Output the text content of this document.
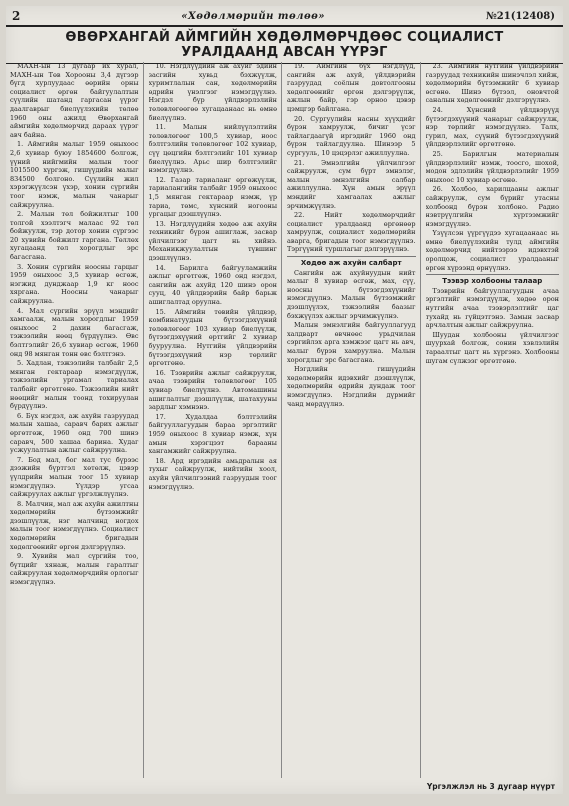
2	«Хөдөлмөрийн төлөө»	№21(12408)
ӨВӨРХАНГАЙ АЙМГИЙН ХӨДӨЛМӨРЧДӨӨС СОЦИАЛИСТ
УРАЛДААНД АВСАН ҮҮРЭГ

МАХН-ын 13 дугаар их хурал, МАХН-ын Төв Хорооны 3,4 дүгээр бүгд хурлуудаас өөрийн орны социалист өргөн байгуулалтын сүүлийн шатанд гаргасан үүрэг даалгаврыг биелүүлэхийн төлөө 1960 оны ажилд Өвөрхангай аймгийн хөдөлмөрчид дараах үүрэг авч байна.

1. Аймгийн малыг 1959 оныхоос 2,6 хувиар буюу 1854600 болгож, үүний нийгмийн малын тоог 1015500 хүргэж, гишүүдийн малыг 834500 болгоно. Сүүлийн жил хэрэгжүүлсэн үхэр, хонин сүргийн тоог нэмж, малын чанарыг сайжруулна.

2. Малын төл бойжилтыг 100 толгой хээлтэгч малаас 92 төл бойжуулж, тэр дотор хонин сүргээс 20 хувийн бойжилт гаргана. Төллөх хугацаанд төл хорогдлыг эрс багасгана.

3. Хонин сүргийн ноосны гарцыг 1959 оныхоос 3,5 хувиар өсгөж, нэгжид дунджаар 1,9 кг ноос хяргана. Ноосны чанарыг сайжруулна.

4. Мал сүргийн эрүүл мэндийг хамгаалж, малын хорогдлыг 1959 оныхоос 2 дахин багасгаж, тэжээлийн нөөц бүрдүүлнэ. Өвс бэлтгэлийг 26,6 хувиар өсгөж, 1960 онд 98 мянган тонн өвс бэлтгэнэ.

5. Хадлан, тэжээлийн талбайг 2,5 мянган гектараар нэмэгдүүлж, тэжээлийн ургамал тариалах талбайг өргөтгөнө. Тэжээлийн нийт нөөцийг малын тоонд тохируулан бүрдүүлнэ.

6. Бүх нэгдэл, аж ахуйн газруудад малын хашаа, саравч барих ажлыг өргөтгөж, 1960 онд 700 шинэ саравч, 500 хашаа барина. Худаг усжуулалтын ажлыг сайжруулна.

7. Бод мал, бог мал тус бүрээс дээжийн бүртгэл хөтөлж, цэвэр үүлдрийн малын тоог 15 хувиар нэмэгдүүлнэ. Үүлдэр угсаа сайжруулах ажлыг үргэлжлүүлнэ.

8. Малчин, мал аж ахуйн ажилтны хөдөлмөрийн бүтээмжийг дээшлүүлж, нэг малчинд ногдох малын тоог нэмэгдүүлнэ. Социалист хөдөлмөрийн бригадын хөдөлгөөнийг өргөн дэлгэрүүлнэ.

9. Хувийн мал сүргийн тоо, бүтцийг хянаж, малын гаралтыг сайжруулан хөдөлмөрчдийн орлогыг нэмэгдүүлнэ.

10. Нэгдлүүдийн аж ахуйг эдийн засгийн хувьд бэхжүүлж, хуримтлалын сан, хөдөлмөрийн өдрийн үнэлгээг нэмэгдүүлнэ. Нэгдэл бүр үйлдвэрлэлийн төлөвлөгөөгөө хугацаанаас нь өмнө биелүүлнэ.

11. Малын нийлүүлэлтийн төлөвлөгөөг 100,5 хувиар, ноос бэлтгэлийн төлөвлөгөөг 102 хувиар, сүү цөцгийн бэлтгэлийг 101 хувиар биелүүлнэ. Арьс шир бэлтгэлийг нэмэгдүүлнэ.

12. Газар тариаланг өргөжүүлж, тариалангийн талбайг 1959 оныхоос 1,5 мянган гектараар нэмж, үр тариа, төмс, хүнсний ногооны ургацыг дээшлүүлнэ.

13. Нэгдлүүдийн хөдөө аж ахуйн техникийг бүрэн ашиглаж, засвар үйлчилгээг цагт нь хийнэ. Механикжуулалтын түвшинг дээшлүүлнэ.

14. Барилга байгууламжийн ажлыг өргөтгөж, 1960 онд нэгдэл, сангийн аж ахуйд 120 шинэ орон сууц, 40 үйлдвэрийн байр барьж ашиглалтад оруулна.

15. Аймгийн төвийн үйлдвэр, комбинатуудын бүтээгдэхүүний төлөвлөгөөг 103 хувиар биелүүлж, бүтээгдэхүүний өртгийг 2 хувиар бууруулна. Нутгийн үйлдвэрийн бүтээгдэхүүний нэр төрлийг өргөтгөнө.

16. Тээврийн ажлыг сайжруулж, ачаа тээврийн төлөвлөгөөг 105 хувиар биелүүлнэ. Автомашины ашиглалтыг дээшлүүлж, шатахууны зардлыг хэмнэнэ.

17. Худалдаа бэлтгэлийн байгууллагуудын бараа эргэлтийг 1959 оныхоос 8 хувиар нэмж, хүн амын хэрэгцээт барааны хангамжийг сайжруулна.

18. Ард иргэдийн амьдралын ая тухыг сайжруулж, нийтийн хоол, ахуйн үйлчилгээний газруудын тоог нэмэгдүүлнэ.

19. Аймгийн бүх нэгдлүүд, сангийн аж ахуй, үйлдвэрийн газруудад соёлын довтолгооны хөдөлгөөнийг өргөн дэлгэрүүлж, ажлын байр, гэр орноо цэвэр цэмцгэр байлгана.

20. Сургуулийн насны хүүхдийг бүрэн хамруулж, бичиг үсэг тайлагдаагүй иргэдийг 1960 онд бүрэн тайлагдуулна. Шинээр 5 сургууль, 10 цэцэрлэг ажиллуулна.

21. Эмнэлгийн үйлчилгээг сайжруулж, сум бүрт эмнэлэг, малын эмнэлгийн салбар ажиллуулна. Хүн амын эрүүл мэндийг хамгаалах ажлыг эрчимжүүлнэ.

22. Нийт хөдөлмөрчдийг социалист уралдаанд өргөнөөр хамруулж, социалист хөдөлмөрийн аварга, бригадын тоог нэмэгдүүлнэ. Тэргүүний туршлагыг дэлгэрүүлнэ.

Хөдөө аж ахуйн салбарт

Сангийн аж ахуйнуудын нийт малыг 8 хувиар өсгөж, мах, сүү, ноосны бүтээгдэхүүнийг нэмэгдүүлнэ. Малын бүтээмжийг дээшлүүлэх, тэжээлийн баазыг бэхжүүлэх ажлыг эрчимжүүлнэ.

Малын эмнэлгийн байгууллагууд халдварт өвчнөөс урьдчилан сэргийлэх арга хэмжээг цагт нь авч, малыг бүрэн хамруулна. Малын хорогдлыг эрс багасгана.

Нэгдлийн гишүүдийн хөдөлмөрийн идэвхийг дээшлүүлж, хөдөлмөрийн өдрийн дундаж тоог нэмэгдүүлнэ. Нэгдлийн дүрмийг чанд мөрдүүлнэ.

23. Аймгийн нутгийн үйлдвэрийн газруудад техникийн шинэчлэл хийж, хөдөлмөрийн бүтээмжийг 6 хувиар өсгөнө. Шинэ бүтээл, оновчтой саналын хөдөлгөөнийг дэлгэрүүлнэ.

24. Хүнсний үйлдвэрүүд бүтээгдэхүүний чанарыг сайжруулж, нэр төрлийг нэмэгдүүлнэ. Талх, гурил, мах, сүүний бүтээгдэхүүний үйлдвэрлэлийг өргөтгөнө.

25. Барилгын материалын үйлдвэрлэлийг нэмж, тоосго, шохой, модон эдлэлийн үйлдвэрлэлийг 1959 оныхоос 10 хувиар өсгөнө.

26. Холбоо, харилцааны ажлыг сайжруулж, сум бүрийг утасны холбоонд бүрэн холбоно. Радио нэвтрүүлгийн хүртээмжийг нэмэгдүүлнэ.

Үзүүлсэн үүргүүдээ хугацаанаас нь өмнө биелүүлэхийн тулд аймгийн хөдөлмөрчид нийтээрээ идэвхтэй оролцож, социалист уралдааныг өргөн хүрээнд өрнүүлнэ.

Тээвэр холбооны талаар

Тээврийн байгууллагуудын ачаа эргэлтийг нэмэгдүүлж, хөдөө орон нутгийн ачаа тээвэрлэлтийг цаг тухайд нь гүйцэтгэнэ. Замын засвар арчлалтын ажлыг сайжруулна.

Шуудан холбооны үйлчилгээг шуурхай болгож, сонин хэвлэлийн тараалтыг цагт нь хүргэнэ. Холбооны шугам сүлжээг өргөтгөнө.

Үргэлжлэл нь 3 дугаар нүүрт
